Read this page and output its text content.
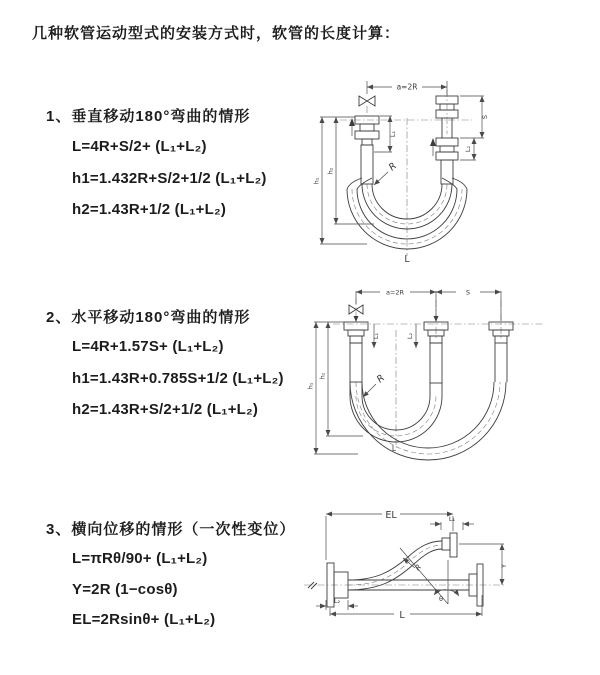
几种软管运动型式的安装方式时，软管的长度计算：
1、垂直移动180°弯曲的情形
L=4R+S/2+ (L₁+L₂)
h1=1.432R+S/2+1/2 (L₁+L₂)
h2=1.43R+1/2 (L₁+L₂)
a=2R
S
L₂
L₁
h₂
h₁
R
L
2、水平移动180°弯曲的情形
L=4R+1.57S+ (L₁+L₂)
h1=1.43R+0.785S+1/2 (L₁+L₂)
h2=1.43R+S/2+1/2 (L₁+L₂)
a=2R	S
L₁	L₂
h₂
h₁
R
L
3、横向位移的情形（一次性变位）
L=πRθ/90+ (L₁+L₂)
Y=2R (1−cosθ)
EL=2Rsinθ+ (L₁+L₂)
EL	L₁
Y
R
θ
L₂
L
